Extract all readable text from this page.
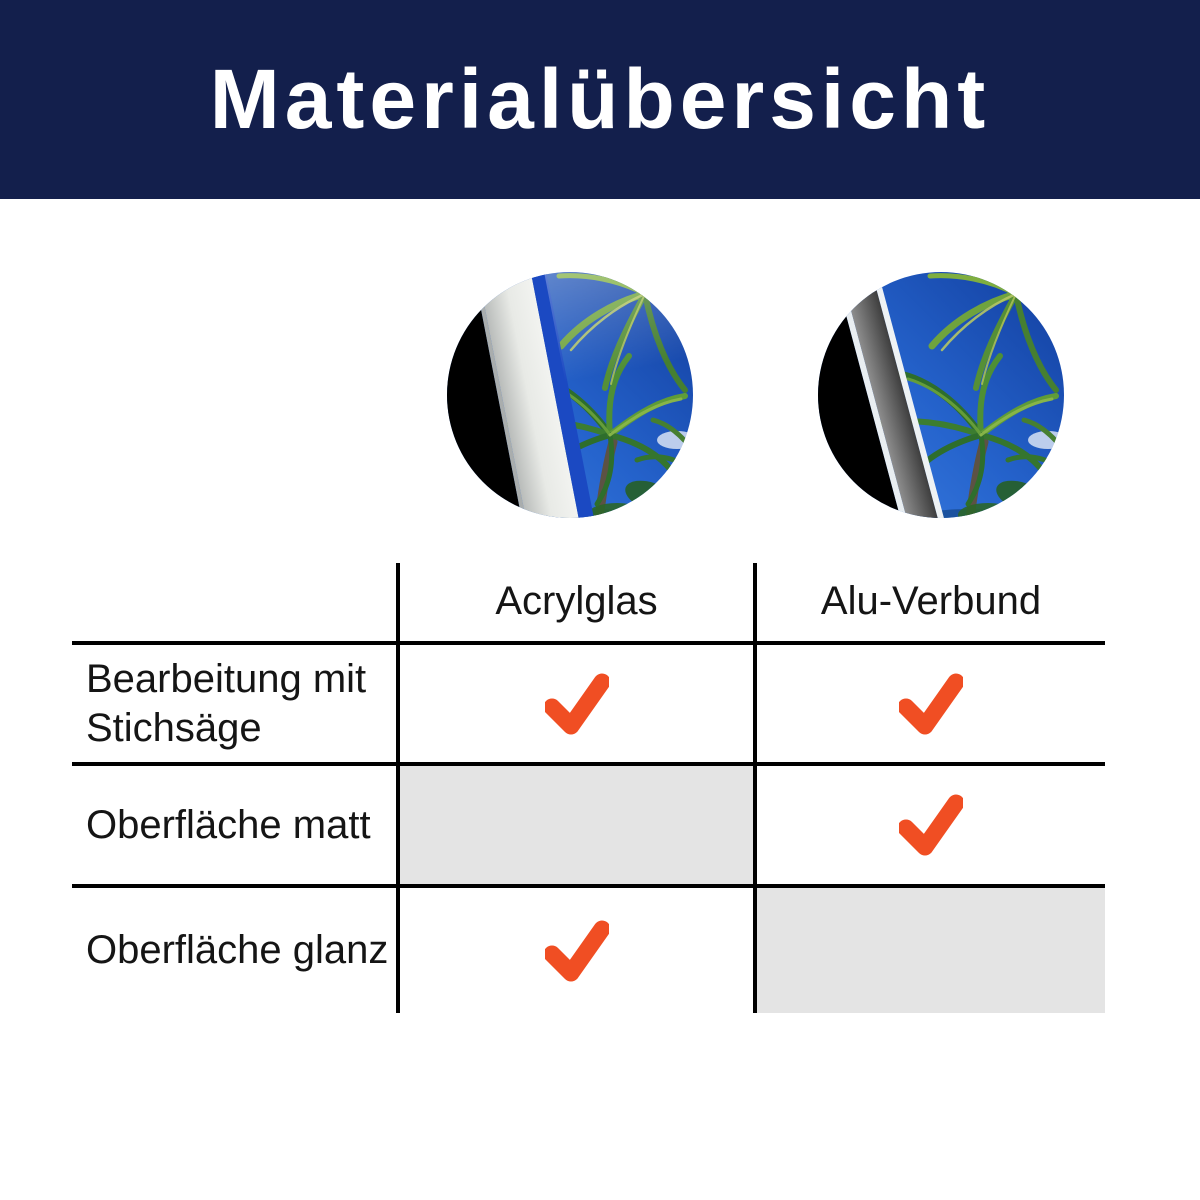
Materialübersicht
Acrylglas	Alu-Verbund
Bearbeitung mit Stichsäge
Oberfläche matt
Oberfläche glanz
